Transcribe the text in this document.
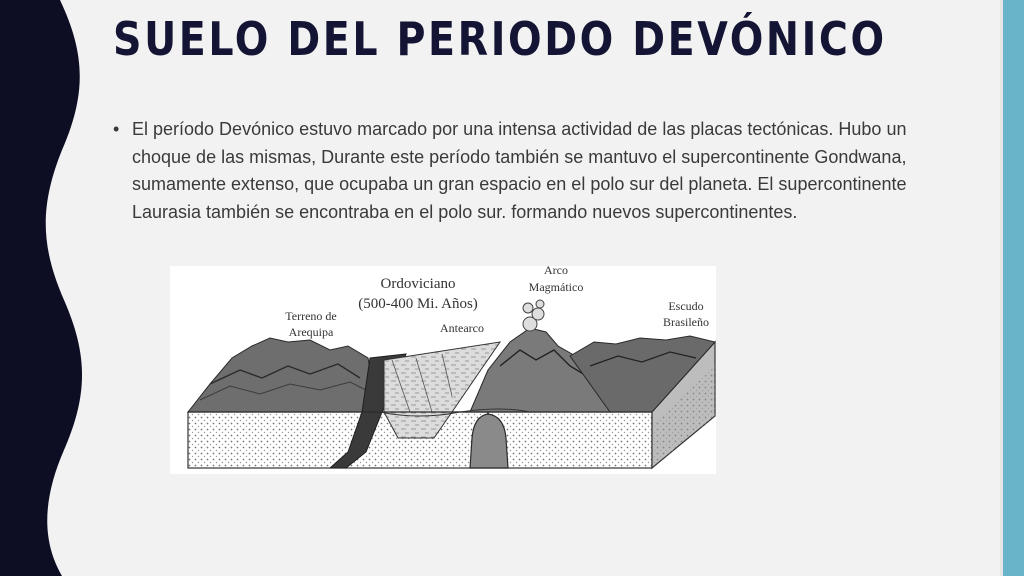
SUELO DEL PERIODO DEVÓNICO
• El período Devónico estuvo marcado por una intensa actividad de las placas tectónicas. Hubo un choque de las mismas, Durante este período también se mantuvo el supercontinente Gondwana, sumamente extenso, que ocupaba un gran espacio en el polo sur del planeta. El supercontinente Laurasia también se encontraba en el polo sur. formando nuevos supercontinentes.
Ordoviciano
(500-400 Mi. Años)
Terreno de
Arequipa	Antearco
Arco
Magmático
Escudo
Brasileño
